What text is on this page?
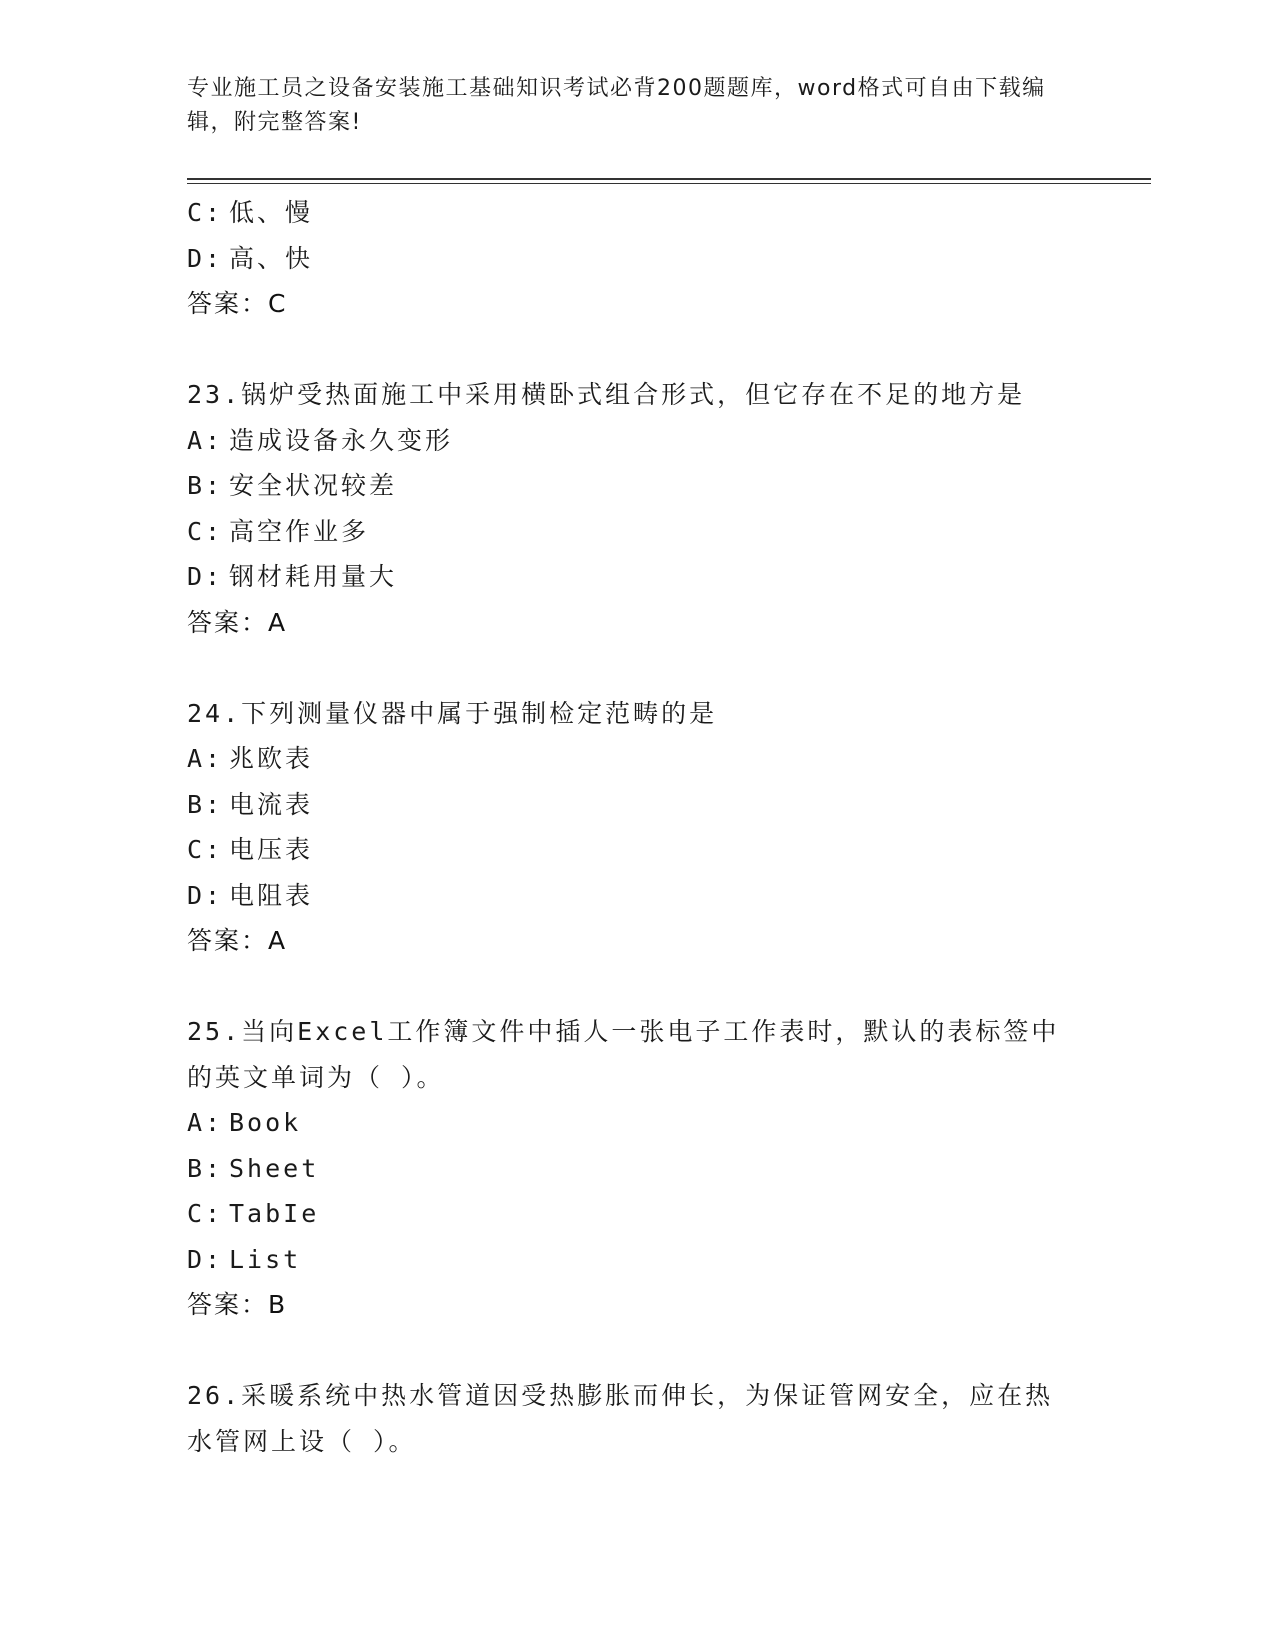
专业施工员之设备安装施工基础知识考试必背200题题库，word格式可自由下载编辑，附完整答案!
C: 低、慢
D: 高、快
答案：C
23.锅炉受热面施工中采用横卧式组合形式，但它存在不足的地方是
A: 造成设备永久变形
B: 安全状况较差
C: 高空作业多
D: 钢材耗用量大
答案：A
24.下列测量仪器中属于强制检定范畴的是
A: 兆欧表
B: 电流表
C: 电压表
D: 电阻表
答案：A
25.当向Excel工作簿文件中插人一张电子工作表时，默认的表标签中的英文单词为（ ）。
A: Book
B: Sheet
C: TabIe
D: List
答案：B
26.采暖系统中热水管道因受热膨胀而伸长，为保证管网安全，应在热水管网上设（ ）。
